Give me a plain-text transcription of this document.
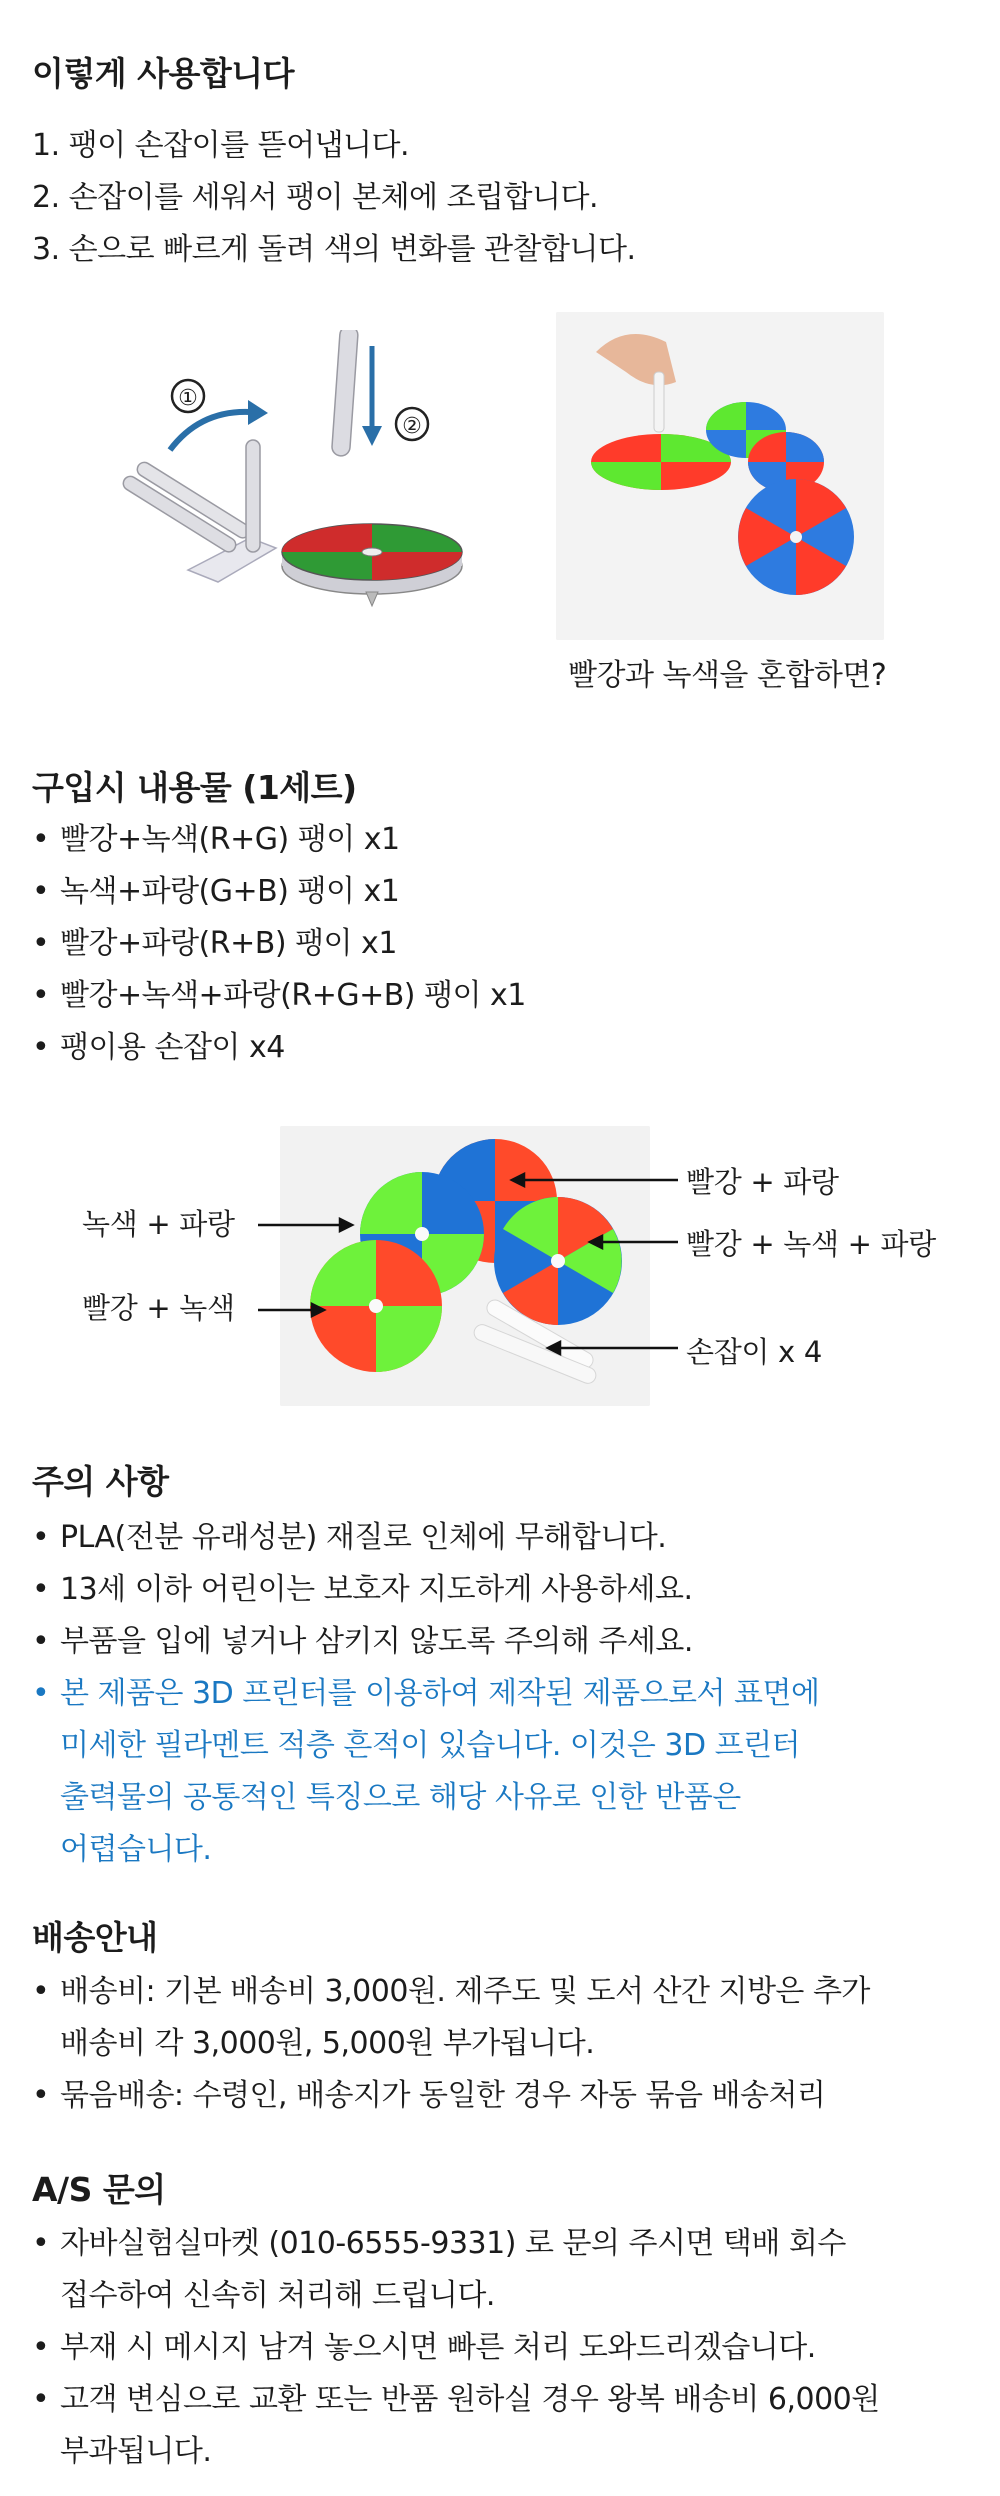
이렇게 사용합니다

1. 팽이 손잡이를 뜯어냅니다.

2. 손잡이를 세워서 팽이 본체에 조립합니다.

3. 손으로 빠르게 돌려 색의 변화를 관찰합니다.

①
②

빨강과 녹색을 혼합하면?

구입시 내용물 (1세트)
• 빨강+녹색(R+G) 팽이 x1
• 녹색+파랑(G+B) 팽이 x1
• 빨강+파랑(R+B) 팽이 x1
• 빨강+녹색+파랑(R+G+B) 팽이 x1
• 팽이용 손잡이 x4
녹색 + 파랑
빨강 + 녹색
빨강 + 파랑
빨강 + 녹색 + 파랑
손잡이 x 4
주의 사항
• PLA(전분 유래성분) 재질로 인체에 무해합니다.
• 13세 이하 어린이는 보호자 지도하게 사용하세요.
• 부품을 입에 넣거나 삼키지 않도록 주의해 주세요.
• 본 제품은 3D 프린터를 이용하여 제작된 제품으로서 표면에
미세한 필라멘트 적층 흔적이 있습니다. 이것은 3D 프린터
출력물의 공통적인 특징으로 해당 사유로 인한 반품은
어렵습니다.
배송안내
• 배송비: 기본 배송비 3,000원. 제주도 및 도서 산간 지방은 추가
배송비 각 3,000원, 5,000원 부가됩니다.
• 묶음배송: 수령인, 배송지가 동일한 경우 자동 묶음 배송처리
A/S 문의
• 자바실험실마켓 (010-6555-9331) 로 문의 주시면 택배 회수
접수하여 신속히 처리해 드립니다.
• 부재 시 메시지 남겨 놓으시면 빠른 처리 도와드리겠습니다.
• 고객 변심으로 교환 또는 반품 원하실 경우 왕복 배송비 6,000원
부과됩니다.
